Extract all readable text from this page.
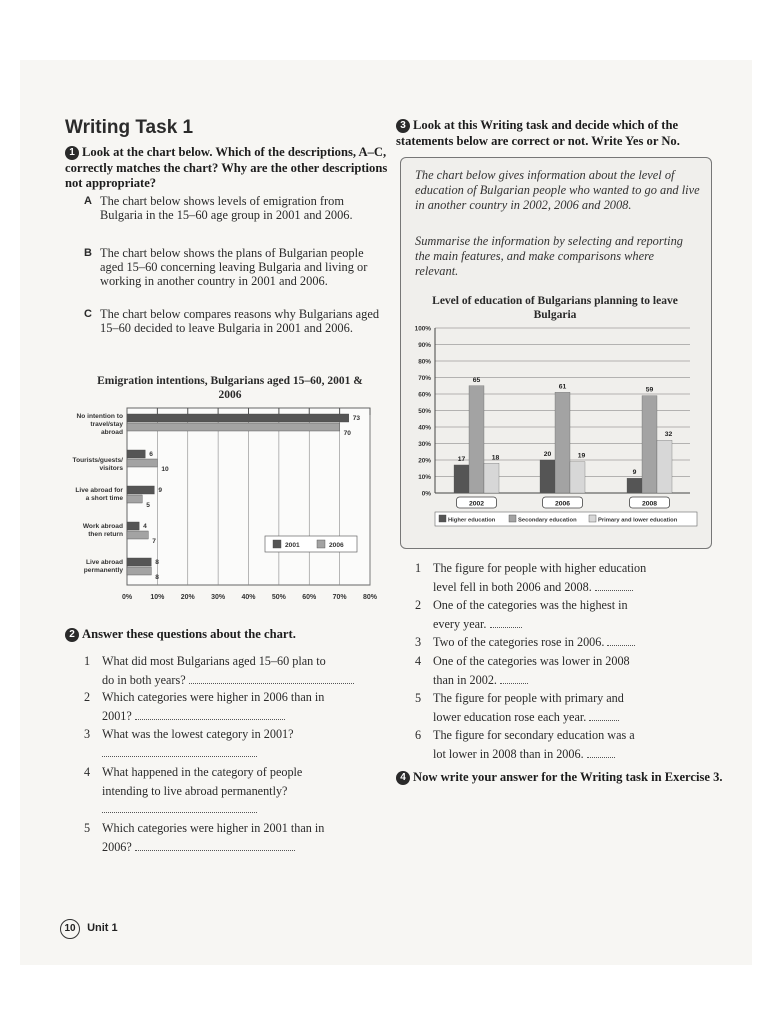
Writing Task 1
1 Look at the chart below. Which of the descriptions, A–C, correctly matches the chart? Why are the other descriptions not appropriate?
A The chart below shows levels of emigration from Bulgaria in the 15–60 age group in 2001 and 2006.
B The chart below shows the plans of Bulgarian people aged 15–60 concerning leaving Bulgaria and living or working in another country in 2001 and 2006.
C The chart below compares reasons why Bulgarians aged 15–60 decided to leave Bulgaria in 2001 and 2006.
Emigration intentions, Bulgarians aged 15–60, 2001 & 2006
0%	10% 20% 30% 40% 50% 60% 70% 80%
No intention to
travel/stay
abroad
73
70
Tourists/guests/
visitors
6
10
Live abroad for
a short time
9
5
Work abroad
then return
4
7
Live abroad
permanently
8
8
2001	2006
2 Answer these questions about the chart.
1 What did most Bulgarians aged 15–60 plan to
do in both years?
2 Which categories were higher in 2006 than in
2001?
3 What was the lowest category in 2001?

4 What happened in the category of people
intending to live abroad permanently?

5 Which categories were higher in 2001 than in
2006?
3 Look at this Writing task and decide which of the statements below are correct or not. Write Yes or No.
The chart below gives information about the level of education of Bulgarian people who wanted to go and live in another country in 2002, 2006 and 2008.
Summarise the information by selecting and reporting the main features, and make comparisons where relevant.
Level of education of Bulgarians planning to leave Bulgaria
0%
10%
20%
30%
40%
50%
60%
70%
80%
90%
100%
17
65
18
2002
20
61
19
2006
9
59
32
2008
Higher education	Secondary education	Primary and lower education
1 The figure for people with higher education
level fell in both 2006 and 2008.
2 One of the categories was the highest in
every year.
3 Two of the categories rose in 2006.
4 One of the categories was lower in 2008
than in 2002.
5 The figure for people with primary and
lower education rose each year.
6 The figure for secondary education was a
lot lower in 2008 than in 2006.
4 Now write your answer for the Writing task in Exercise 3.
10 Unit 1
